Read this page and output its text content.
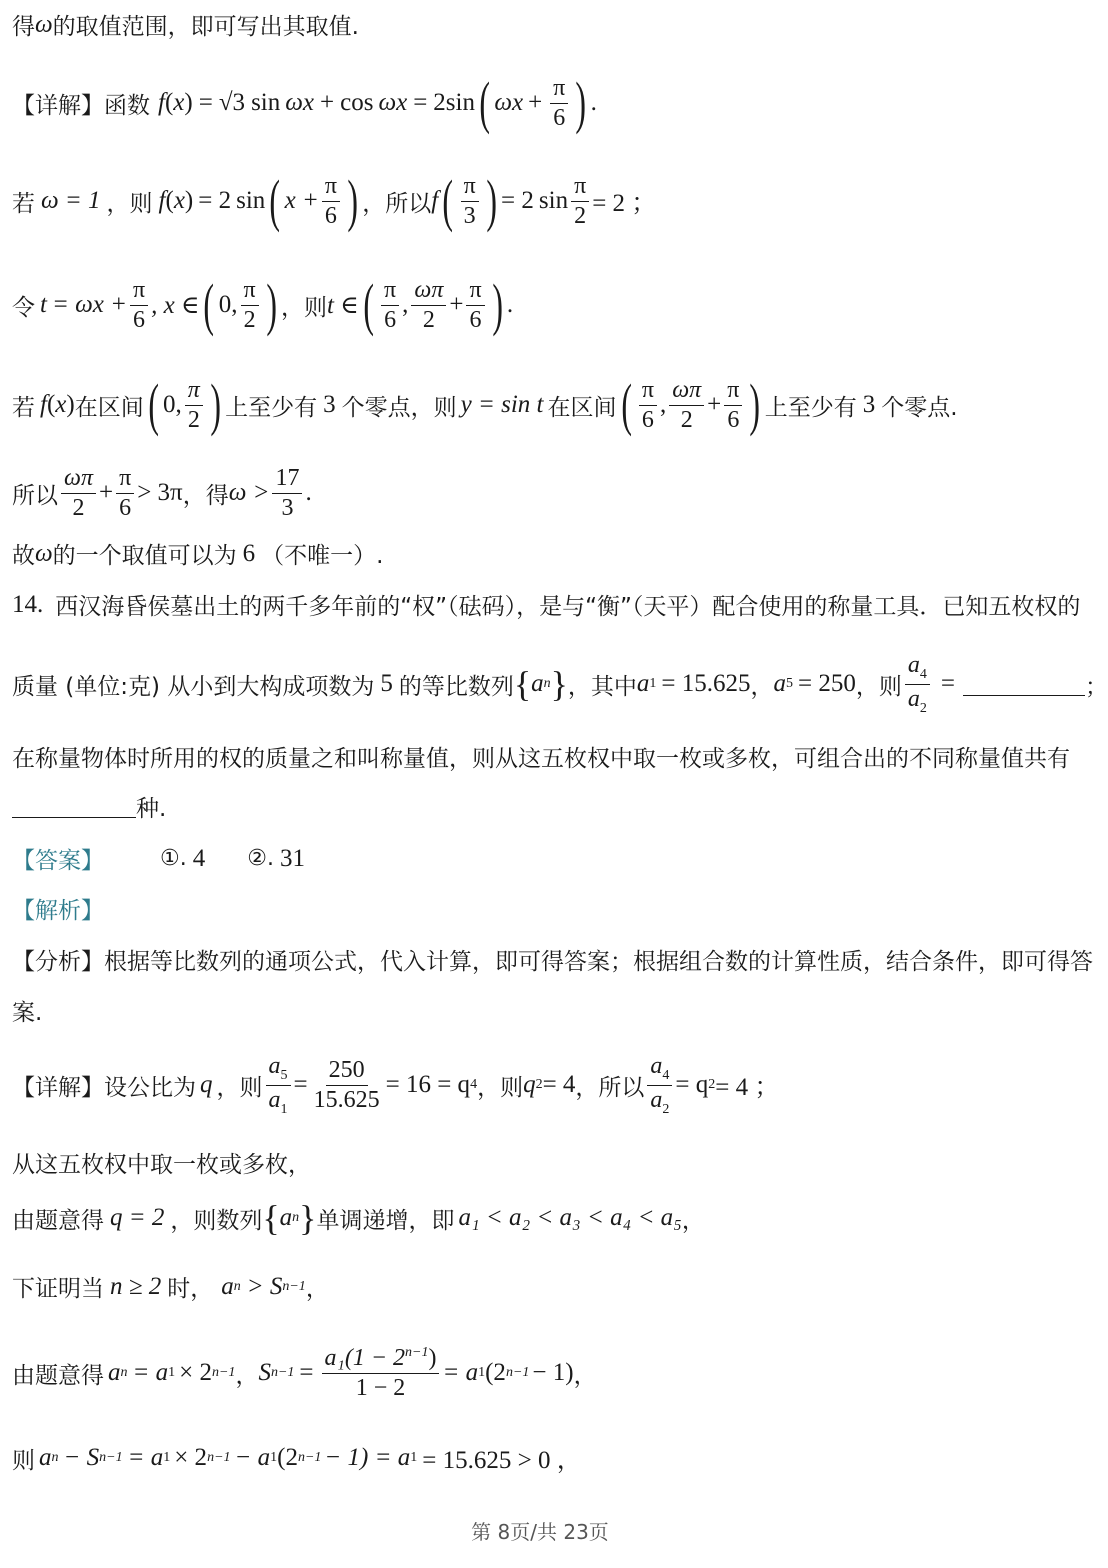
得 ω 的取值范围，即可写出其取值.
【详解】 函数 f ( x ) = √3 sin ωx + cos ωx = 2 sin ( $\omega x + \frac{\pi}{6}$ ) .
若 ω = 1 ，则 f ( x ) = 2 sin ( $x + \frac{\pi}{6}$ ) ，所以 f ( $\frac{\pi}{3}$ ) = 2 $\sin \frac{\pi}{2} = 2$ ；
令 $t = \omega x + \frac{\pi}{6}$ , x ∈ ( 0, $\frac{\pi}{2}$ ) ，则 t ∈ ( $\frac{\pi}{6}$ , $\frac{\omega\pi}{2} + \frac{\pi}{6}$ ) .
若 f ( x ) 在区间 ( 0, $\frac{\pi}{2}$ ) 上至少有 3 个零点，则 y = sin t 在区间 ( $\frac{\pi}{6}$ , $\frac{\omega\pi}{2} + \frac{\pi}{6}$ ) 上至少有 3 个零点.
所以 $\frac{\omega\pi}{2} + \frac{\pi}{6} > 3\pi$ ，得 $\omega > \frac{17}{3}$ .
故 ω 的一个取值可以为 6 （不唯一）.
14. 西汉海昏侯墓出土的两千多年前的“权”（砝码），是与“衡”（天平）配合使用的称量工具．已知五枚权的
质量 (单位:克) 从小到大构成项数为 5 的等比数列 { a n } ，其中 a 1 = 15.625 ， a 5 = 250 ，则 $\frac{a_4}{a_2}$ =	；
在称量物体时所用的权的质量之和叫称量值，则从这五枚权中取一枚或多枚，可组合出的不同称量值共有
种.
【答案】	①. 4 ②. 31
【解析】
【分析】根据等比数列的通项公式，代入计算，即可得答案；根据组合数的计算性质，结合条件，即可得答
案.
【详解】 设公比为 q ，则 $\frac{a_5}{a_1} = \frac{250}{15.625} = 16 = q$ 4 ，则 q 2 = 4 ，所以 $\frac{a_4}{a_2} = q$ 2 = 4 ；
从这五枚权中取一枚或多枚，
由题意得 q = 2 ，则数列 { a n } 单调递增，即 a₁ < a₂ < a₃ < a₄ < a₅ ，
下证明当 n ≥ 2 时， a n > S n−1 ，
由题意得 a n = a 1 × 2 n−1 ， S $n-1 = \frac{a_1(1 - 2^{n-1})}{1 - 2} = a$ 1 (2 n−1 − 1) ，
则 a n − S n−1 = a 1 × 2 n−1 − a 1 (2 n−1 − 1) = a 1 = 15.625 > 0 ，
第 8页/共 23页
